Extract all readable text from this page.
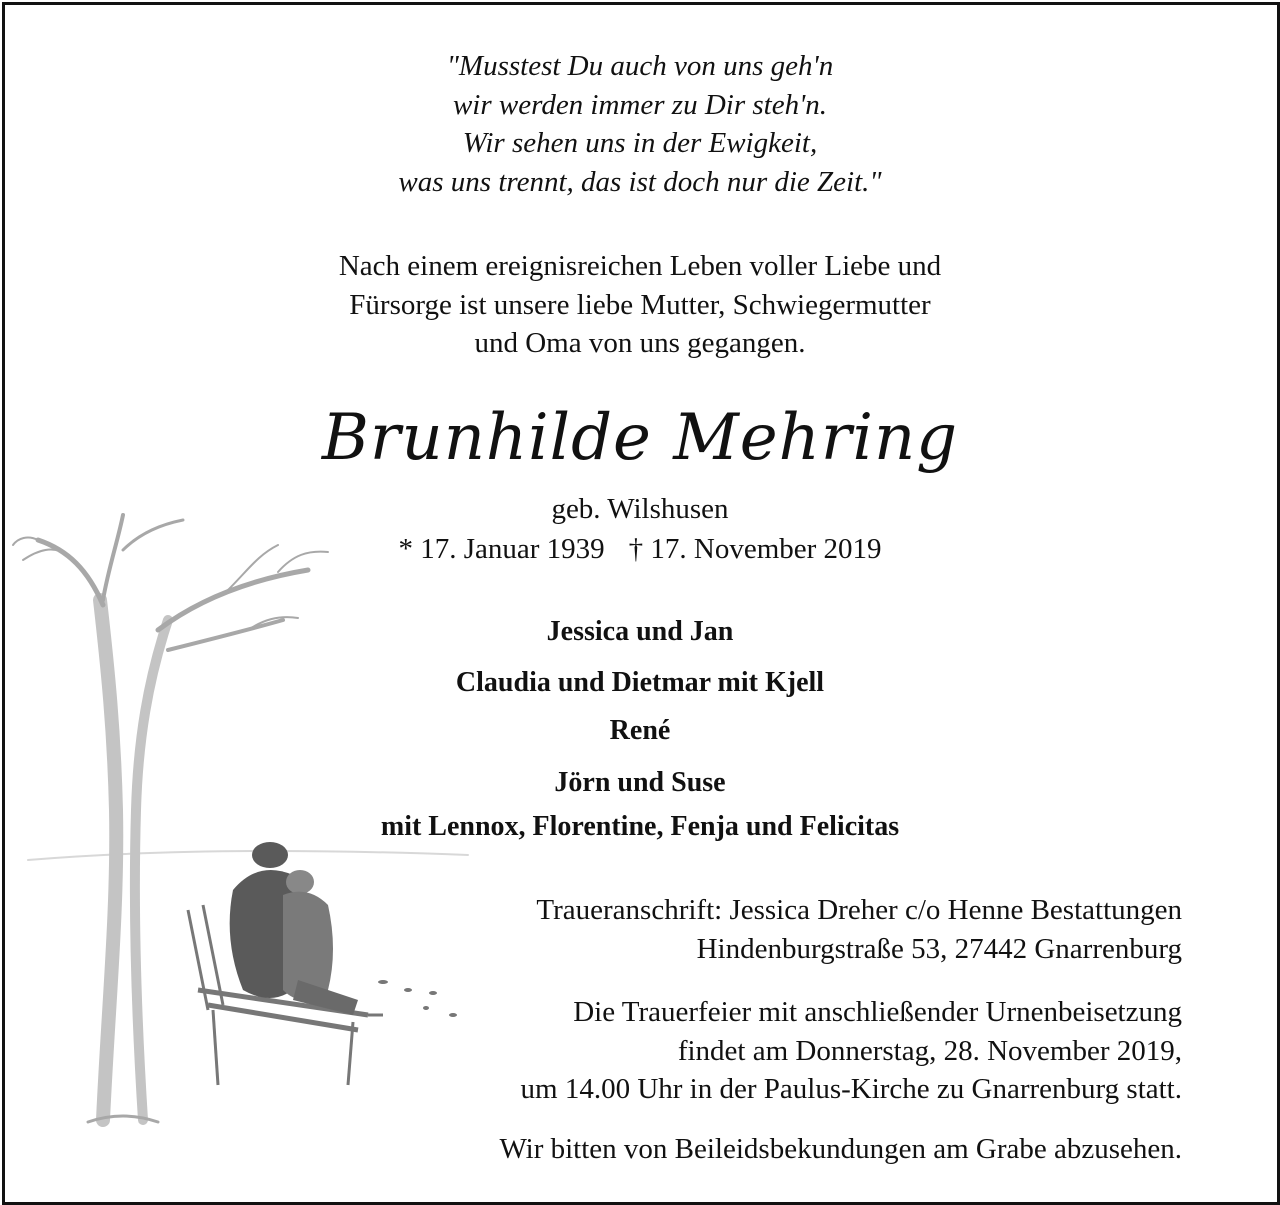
"Musstest Du auch von uns geh'n
wir werden immer zu Dir steh'n.
Wir sehen uns in der Ewigkeit,
was uns trennt, das ist doch nur die Zeit."
Nach einem ereignisreichen Leben voller Liebe und
Fürsorge ist unsere liebe Mutter, Schwiegermutter
und Oma von uns gegangen.
Brunhilde Mehring
geb. Wilshusen
* 17. Januar 1939 † 17. November 2019
Jessica und Jan
Claudia und Dietmar mit Kjell
René
Jörn und Suse
mit Lennox, Florentine, Fenja und Felicitas
Traueranschrift: Jessica Dreher c/o Henne Bestattungen
Hindenburgstraße 53, 27442 Gnarrenburg
Die Trauerfeier mit anschließender Urnenbeisetzung
findet am Donnerstag, 28. November 2019,
um 14.00 Uhr in der Paulus-Kirche zu Gnarrenburg statt.
Wir bitten von Beileidsbekundungen am Grabe abzusehen.
